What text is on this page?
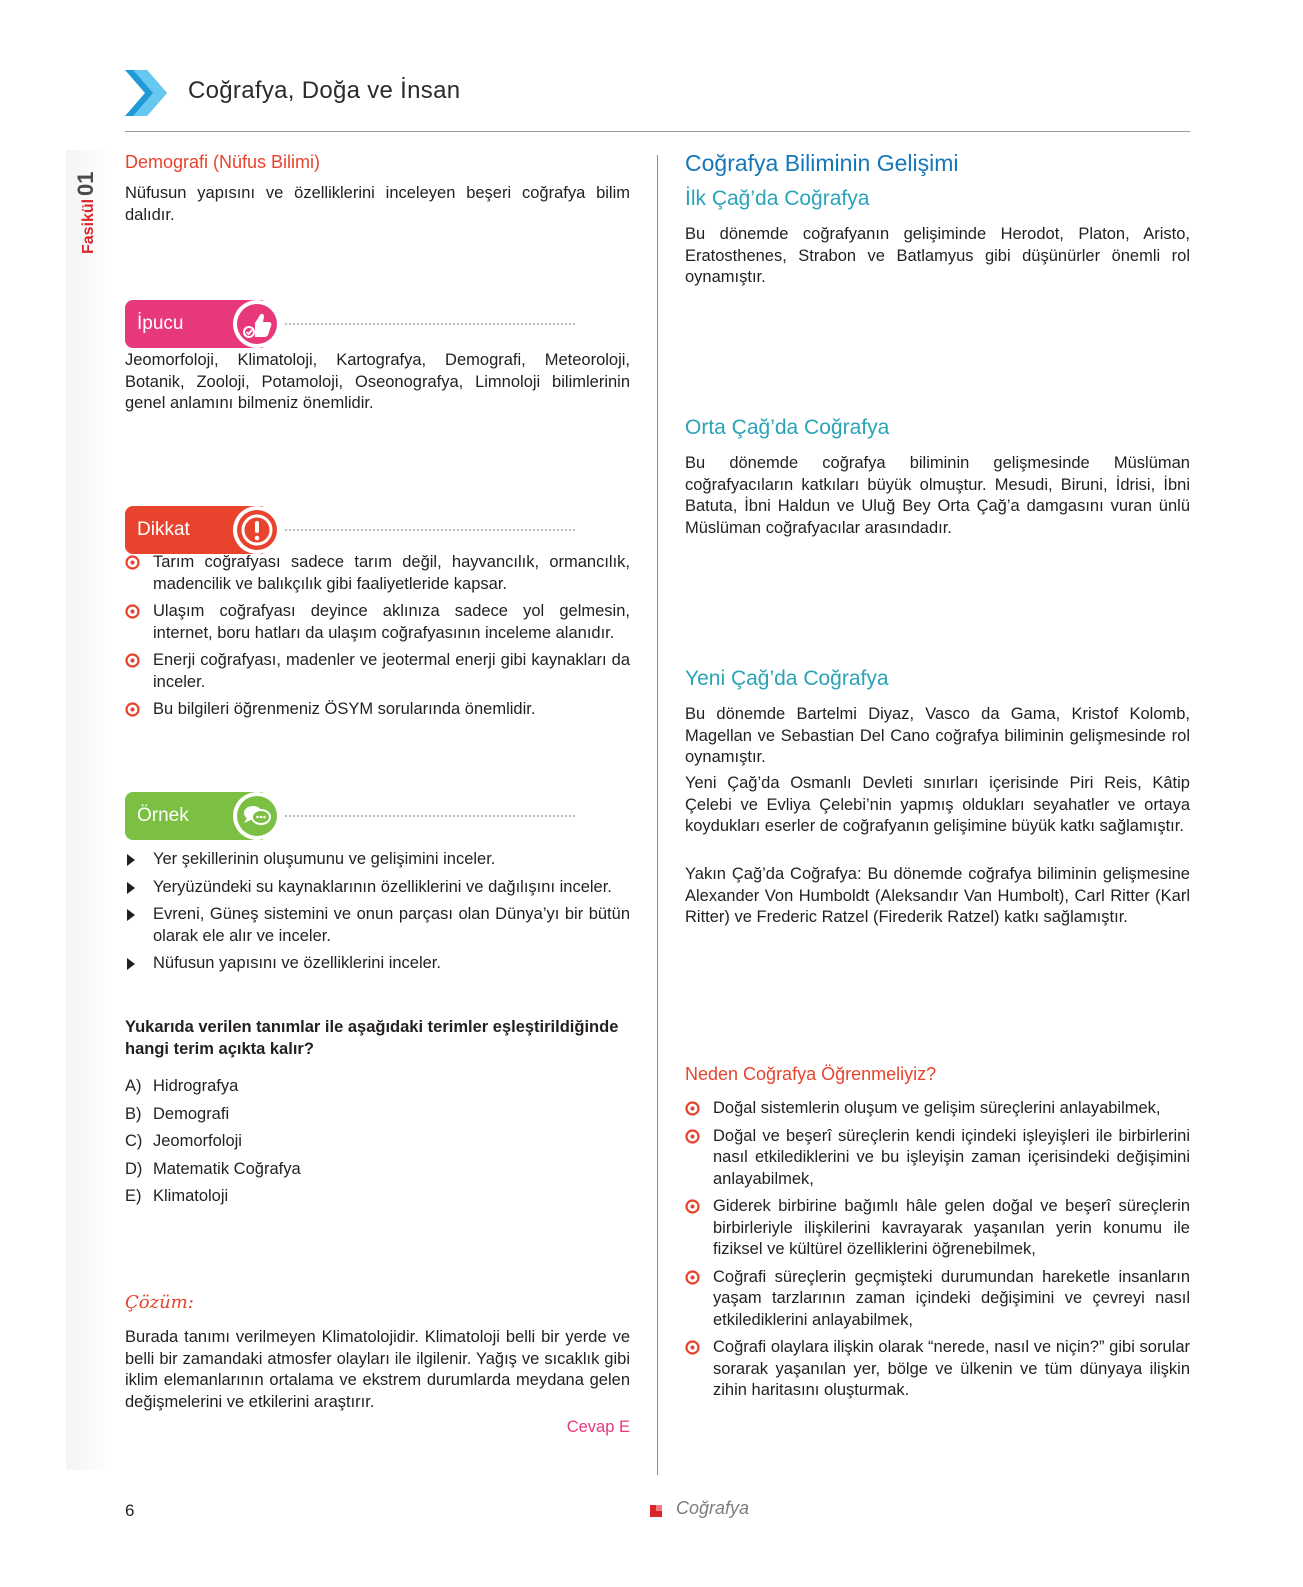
Coğrafya, Doğa ve İnsan
Fasikül
01
Demografi (Nüfus Bilimi)

Nüfusun yapısını ve özelliklerini inceleyen beşeri coğrafya bilim dalıdır.

İpucu

Jeomorfoloji, Klimatoloji, Kartografya, Demografi, Meteoroloji, Botanik, Zooloji, Potamoloji, Oseonografya, Limnoloji bilimlerinin genel anlamını bilmeniz önemlidir.

Dikkat
Tarım coğrafyası sadece tarım değil, hayvancılık, ormancılık, madencilik ve balıkçılık gibi faaliyetleride kapsar.
Ulaşım coğrafyası deyince aklınıza sadece yol gelmesin, internet, boru hatları da ulaşım coğrafyasının inceleme alanıdır.
Enerji coğrafyası, madenler ve jeotermal enerji gibi kaynakları da inceler.
Bu bilgileri öğrenmeniz ÖSYM sorularında önemlidir.
Örnek
Yer şekillerinin oluşumunu ve gelişimini inceler.
Yeryüzündeki su kaynaklarının özelliklerini ve dağılışını inceler.
Evreni, Güneş sistemini ve onun parçası olan Dünya’yı bir bütün olarak ele alır ve inceler.
Nüfusun yapısını ve özelliklerini inceler.

Yukarıda verilen tanımlar ile aşağıdaki terimler eşleştirildiğinde hangi terim açıkta kalır?

A) Hidrografya
B) Demografi
C) Jeomorfoloji
D) Matematik Coğrafya
E) Klimatoloji
Çözüm:

Burada tanımı verilmeyen Klimatolojidir. Klimatoloji belli bir yerde ve belli bir zamandaki atmosfer olayları ile ilgilenir. Yağış ve sıcaklık gibi iklim elemanlarının ortalama ve ekstrem durumlarda meydana gelen değişmelerini ve etkilerini araştırır.

Cevap E
Coğrafya Biliminin Gelişimi
İlk Çağ’da Coğrafya

Bu dönemde coğrafyanın gelişiminde Herodot, Platon, Aristo, Eratosthenes, Strabon ve Batlamyus gibi düşünürler önemli rol oynamıştır.

Orta Çağ’da Coğrafya

Bu dönemde coğrafya biliminin gelişmesinde Müslüman coğrafyacıların katkıları büyük olmuştur. Mesudi, Biruni, İdrisi, İbni Batuta, İbni Haldun ve Uluğ Bey Orta Çağ’a damgasını vuran ünlü Müslüman coğrafyacılar arasındadır.

Yeni Çağ’da Coğrafya

Bu dönemde Bartelmi Diyaz, Vasco da Gama, Kristof Kolomb, Magellan ve Sebastian Del Cano coğrafya biliminin gelişmesinde rol oynamıştır.

Yeni Çağ’da Osmanlı Devleti sınırları içerisinde Piri Reis, Kâtip Çelebi ve Evliya Çelebi’nin yapmış oldukları seyahatler ve ortaya koydukları eserler de coğrafyanın gelişimine büyük katkı sağlamıştır.

Yakın Çağ’da Coğrafya: Bu dönemde coğrafya biliminin gelişmesine Alexander Von Humboldt (Aleksandır Van Humbolt), Carl Ritter (Karl Ritter) ve Frederic Ratzel (Firederik Ratzel) katkı sağlamıştır.

Neden Coğrafya Öğrenmeliyiz?
Doğal sistemlerin oluşum ve gelişim süreçlerini anlayabilmek,
Doğal ve beşerî süreçlerin kendi içindeki işleyişleri ile birbirlerini nasıl etkilediklerini ve bu işleyişin zaman içerisindeki değişimini anlayabilmek,
Giderek birbirine bağımlı hâle gelen doğal ve beşerî süreçlerin birbirleriyle ilişkilerini kavrayarak yaşanılan yerin konumu ile fiziksel ve kültürel özelliklerini öğrenebilmek,
Coğrafi süreçlerin geçmişteki durumundan hareketle insanların yaşam tarzlarının zaman içindeki değişimini ve çevreyi nasıl etkilediklerini anlayabilmek,
Coğrafi olaylara ilişkin olarak “nerede, nasıl ve niçin?” gibi sorular sorarak yaşanılan yer, bölge ve ülkenin ve tüm dünyaya ilişkin zihin haritasını oluşturmak.
6	Coğrafya
